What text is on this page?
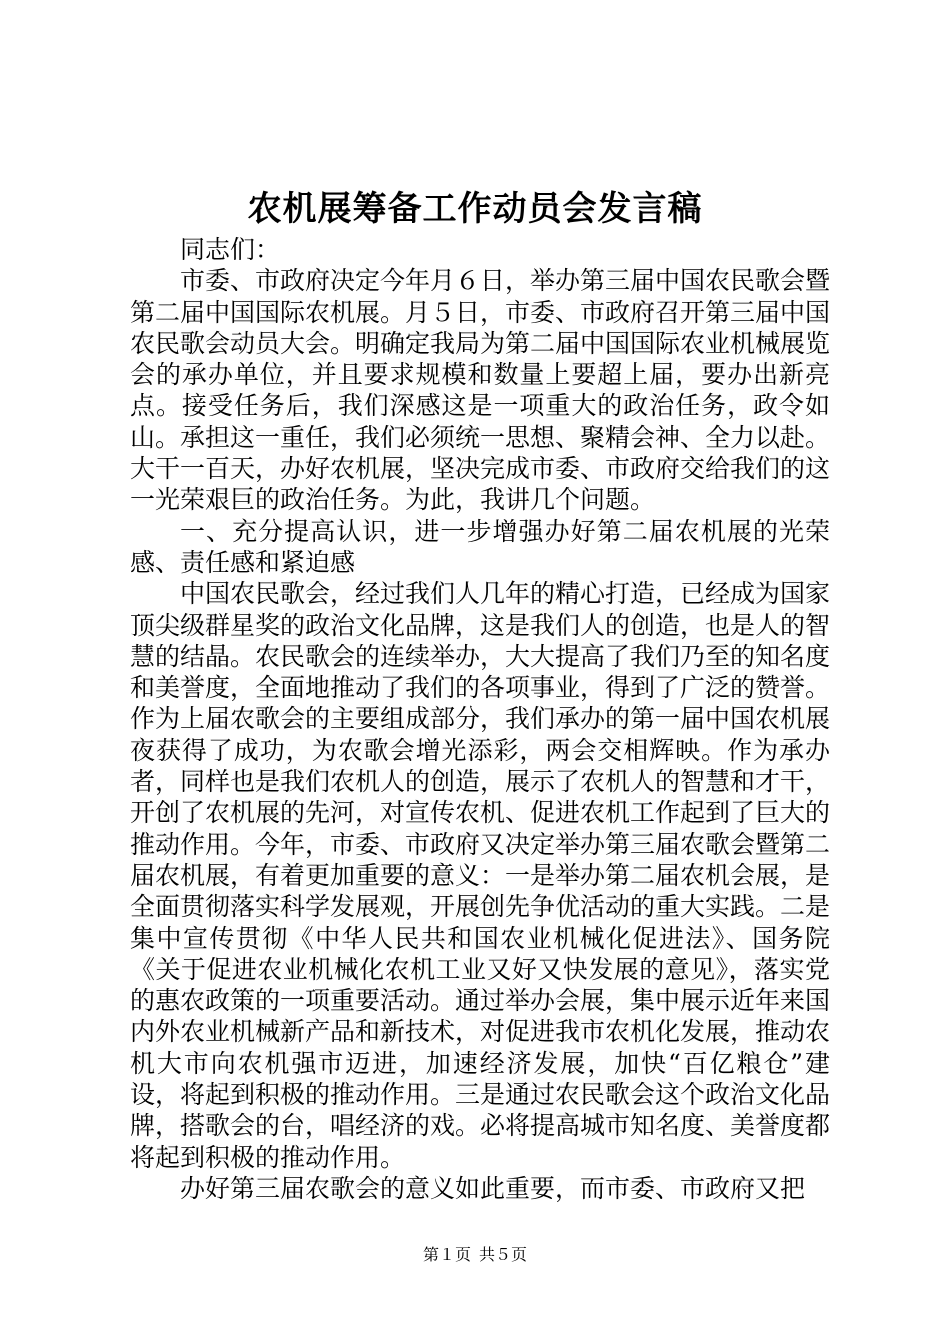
农机展筹备工作动员会发言稿

同志们：

市委、市政府决定今年月６日，举办第三届中国农民歌会暨第二届中国国际农机展。月５日，市委、市政府召开第三届中国农民歌会动员大会。明确定我局为第二届中国国际农业机械展览会的承办单位，并且要求规模和数量上要超上届，要办出新亮点。接受任务后，我们深感这是一项重大的政治任务，政令如山。承担这一重任，我们必须统一思想、聚精会神、全力以赴。大干一百天，办好农机展，坚决完成市委、市政府交给我们的这一光荣艰巨的政治任务。为此，我讲几个问题。

一、充分提高认识，进一步增强办好第二届农机展的光荣感、责任感和紧迫感

中国农民歌会，经过我们人几年的精心打造，已经成为国家顶尖级群星奖的政治文化品牌，这是我们人的创造，也是人的智慧的结晶。农民歌会的连续举办，大大提高了我们乃至的知名度和美誉度，全面地推动了我们的各项事业，得到了广泛的赞誉。作为上届农歌会的主要组成部分，我们承办的第一届中国农机展夜获得了成功，为农歌会增光添彩，两会交相辉映。作为承办者，同样也是我们农机人的创造，展示了农机人的智慧和才干，开创了农机展的先河，对宣传农机、促进农机工作起到了巨大的推动作用。今年，市委、市政府又决定举办第三届农歌会暨第二届农机展，有着更加重要的意义：一是举办第二届农机会展，是全面贯彻落实科学发展观，开展创先争优活动的重大实践。二是集中宣传贯彻《中华人民共和国农业机械化促进法》、国务院《关于促进农业机械化农机工业又好又快发展的意见》，落实党的惠农政策的一项重要活动。通过举办会展，集中展示近年来国内外农业机械新产品和新技术，对促进我市农机化发展，推动农机大市向农机强市迈进，加速经济发展，加快“百亿粮仓”建设，将起到积极的推动作用。三是通过农民歌会这个政治文化品牌，搭歌会的台，唱经济的戏。必将提高城市知名度、美誉度都将起到积极的推动作用。

办好第三届农歌会的意义如此重要，而市委、市政府又把

第１页 共５页
